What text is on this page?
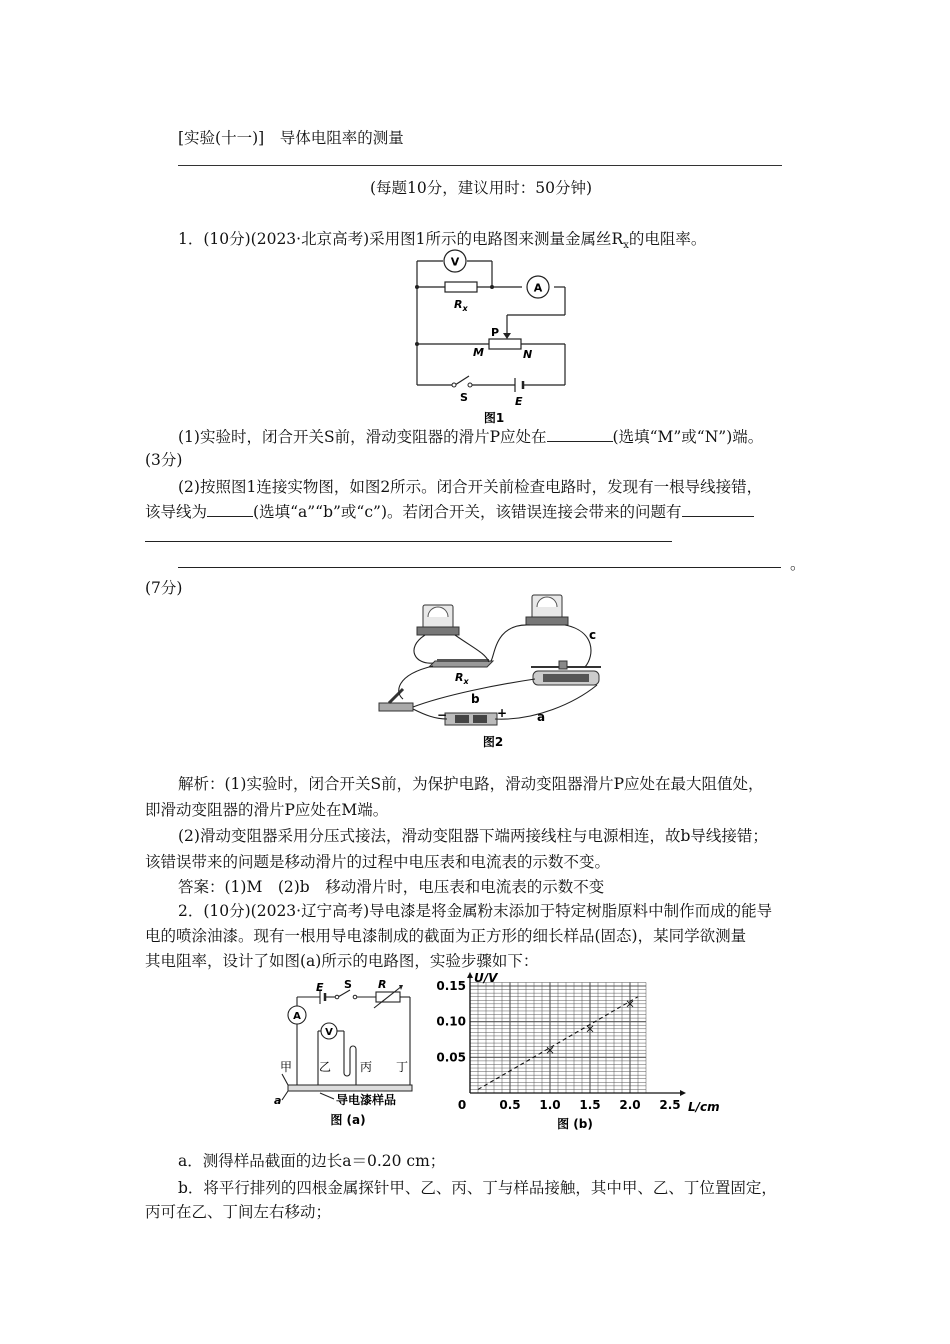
[实验(十一)]　导体电阻率的测量
(每题10分，建议用时：50分钟)
1．(10分)(2023·北京高考)采用图1所示的电路图来测量金属丝$R_x$的电阻率。
V
A
$R_x$
P
M	N
S	E
图1
(1)实验时，闭合开关S前，滑动变阻器的滑片P应处在	(选填“M”或“N”)端。
(3分)
(2)按照图1连接实物图，如图2所示。闭合开关前检查电路时，发现有一根导线接错，
该导线为	(选填“a”“b”或“c”)。若闭合开关，该错误连接会带来的问题有
。
(7分)
$R_x$
b
c
a
−	+
图2
解析：(1)实验时，闭合开关S前，为保护电路，滑动变阻器滑片P应处在最大阻值处，
即滑动变阻器的滑片P应处在M端。
(2)滑动变阻器采用分压式接法，滑动变阻器下端两接线柱与电源相连，故b导线接错；
该错误带来的问题是移动滑片的过程中电压表和电流表的示数不变。
答案：(1)M　(2)b　移动滑片时，电压表和电流表的示数不变
2．(10分)(2023·辽宁高考)导电漆是将金属粉末添加于特定树脂原料中制作而成的能导
电的喷涂油漆。现有一根用导电漆制成的截面为正方形的细长样品(固态)，某同学欲测量
其电阻率，设计了如图(a)所示的电路图，实验步骤如下：
A
V
E S R
甲 乙 丙 丁
a	导电漆样品
图 (a)
0	0.5 1.0 1.5 2.0 2.5
0.05
0.10
0.15
U/V
L/cm
图 (b)
a．测得样品截面的边长a＝0.20 cm；
b．将平行排列的四根金属探针甲、乙、丙、丁与样品接触，其中甲、乙、丁位置固定，
丙可在乙、丁间左右移动；
